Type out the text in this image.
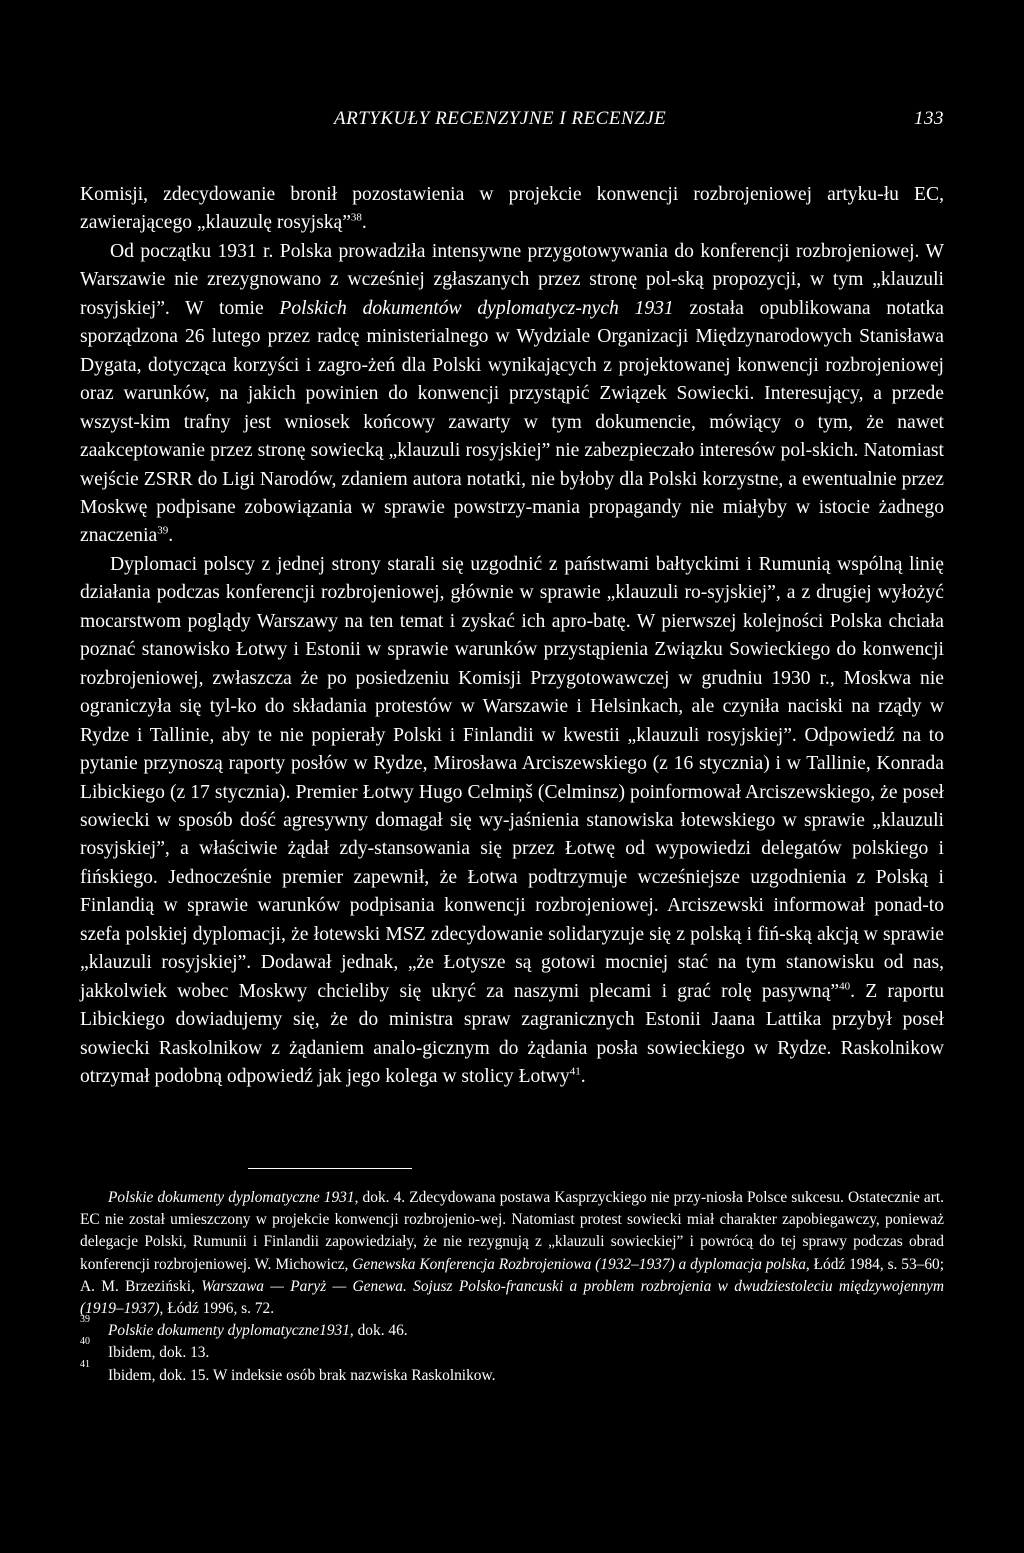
ARTYKUŁY RECENZYJNE I RECENZJE	133

Komisji, zdecydowanie bronił pozostawienia w projekcie konwencji rozbrojeniowej artyku-łu EC, zawierającego „klauzulę rosyjską”$^{38}$.

Od początku 1931 r. Polska prowadziła intensywne przygotowywania do konferencji rozbrojeniowej. W Warszawie nie zrezygnowano z wcześniej zgłaszanych przez stronę pol-ską propozycji, w tym „klauzuli rosyjskiej”. W tomie Polskich dokumentów dyplomatycz-nych 1931 została opublikowana notatka sporządzona 26 lutego przez radcę ministerialnego w Wydziale Organizacji Międzynarodowych Stanisława Dygata, dotycząca korzyści i zagro-żeń dla Polski wynikających z projektowanej konwencji rozbrojeniowej oraz warunków, na jakich powinien do konwencji przystąpić Związek Sowiecki. Interesujący, a przede wszyst-kim trafny jest wniosek końcowy zawarty w tym dokumencie, mówiący o tym, że nawet zaakceptowanie przez stronę sowiecką „klauzuli rosyjskiej” nie zabezpieczało interesów pol-skich. Natomiast wejście ZSRR do Ligi Narodów, zdaniem autora notatki, nie byłoby dla Polski korzystne, a ewentualnie przez Moskwę podpisane zobowiązania w sprawie powstrzy-mania propagandy nie miałyby w istocie żadnego znaczenia$^{39}$.

Dyplomaci polscy z jednej strony starali się uzgodnić z państwami bałtyckimi i Rumunią wspólną linię działania podczas konferencji rozbrojeniowej, głównie w sprawie „klauzuli ro-syjskiej”, a z drugiej wyłożyć mocarstwom poglądy Warszawy na ten temat i zyskać ich apro-batę. W pierwszej kolejności Polska chciała poznać stanowisko Łotwy i Estonii w sprawie warunków przystąpienia Związku Sowieckiego do konwencji rozbrojeniowej, zwłaszcza że po posiedzeniu Komisji Przygotowawczej w grudniu 1930 r., Moskwa nie ograniczyła się tyl-ko do składania protestów w Warszawie i Helsinkach, ale czyniła naciski na rządy w Rydze i Tallinie, aby te nie popierały Polski i Finlandii w kwestii „klauzuli rosyjskiej”. Odpowiedź na to pytanie przynoszą raporty posłów w Rydze, Mirosława Arciszewskiego (z 16 stycznia) i w Tallinie, Konrada Libickiego (z 17 stycznia). Premier Łotwy Hugo Celmiņš (Celminsz) poinformował Arciszewskiego, że poseł sowiecki w sposób dość agresywny domagał się wy-jaśnienia stanowiska łotewskiego w sprawie „klauzuli rosyjskiej”, a właściwie żądał zdy-stansowania się przez Łotwę od wypowiedzi delegatów polskiego i fińskiego. Jednocześnie premier zapewnił, że Łotwa podtrzymuje wcześniejsze uzgodnienia z Polską i Finlandią w sprawie warunków podpisania konwencji rozbrojeniowej. Arciszewski informował ponad-to szefa polskiej dyplomacji, że łotewski MSZ zdecydowanie solidaryzuje się z polską i fiń-ską akcją w sprawie „klauzuli rosyjskiej”. Dodawał jednak, „że Łotysze są gotowi mocniej stać na tym stanowisku od nas, jakkolwiek wobec Moskwy chcieliby się ukryć za naszymi plecami i grać rolę pasywną”$^{40}$. Z raportu Libickiego dowiadujemy się, że do ministra spraw zagranicznych Estonii Jaana Lattika przybył poseł sowiecki Raskolnikow z żądaniem analo-gicznym do żądania posła sowieckiego w Rydze. Raskolnikow otrzymał podobną odpowiedź jak jego kolega w stolicy Łotwy$^{41}$.

Polskie dokumenty dyplomatyczne 1931, dok. 4. Zdecydowana postawa Kasprzyckiego nie przy-niosła Polsce sukcesu. Ostatecznie art. EC nie został umieszczony w projekcie konwencji rozbrojenio-wej. Natomiast protest sowiecki miał charakter zapobiegawczy, ponieważ delegacje Polski, Rumunii i Finlandii zapowiedziały, że nie rezygnują z „klauzuli sowieckiej” i powrócą do tej sprawy podczas obrad konferencji rozbrojeniowej. W. Michowicz, Genewska Konferencja Rozbrojeniowa (1932–1937) a dyplomacja polska, Łódź 1984, s. 53–60; A. M. Brzeziński, Warszawa — Paryż — Genewa. Sojusz Polsko-francuski a problem rozbrojenia w dwudziestoleciu międzywojennym (1919–1937), Łódź 1996, s. 72.

39
Polskie dokumenty dyplomatyczne1931, dok. 46.

40
Ibidem, dok. 13.

41
Ibidem, dok. 15. W indeksie osób brak nazwiska Raskolnikow.
